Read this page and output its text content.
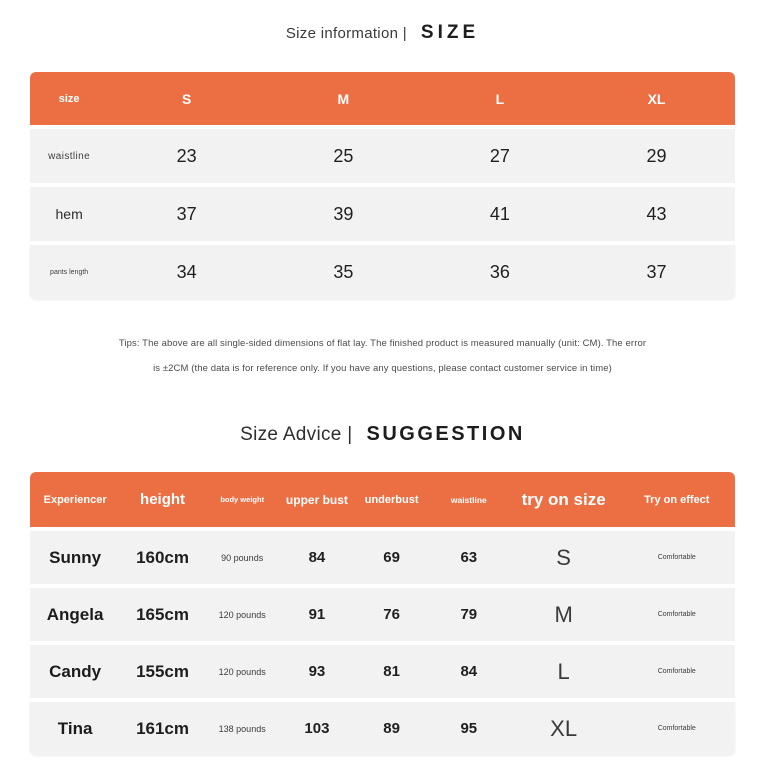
Size information | SIZE
size	S	M	L	XL
waistline	23	25	27	29
hem	37	39	41	43
pants length	34	35	36	37
Tips: The above are all single-sided dimensions of flat lay. The finished product is measured manually (unit: CM). The error
is ±2CM (the data is for reference only. If you have any questions, please contact customer service in time)
Size Advice | SUGGESTION
Experiencer	height	body weight	upper bust	underbust	waistline	try on size	Try on effect
Sunny	160cm	90 pounds	84	69	63	S	Comfortable
Angela	165cm	120 pounds	91	76	79	M	Comfortable
Candy	155cm	120 pounds	93	81	84	L	Comfortable
Tina	161cm	138 pounds	103	89	95	XL	Comfortable
